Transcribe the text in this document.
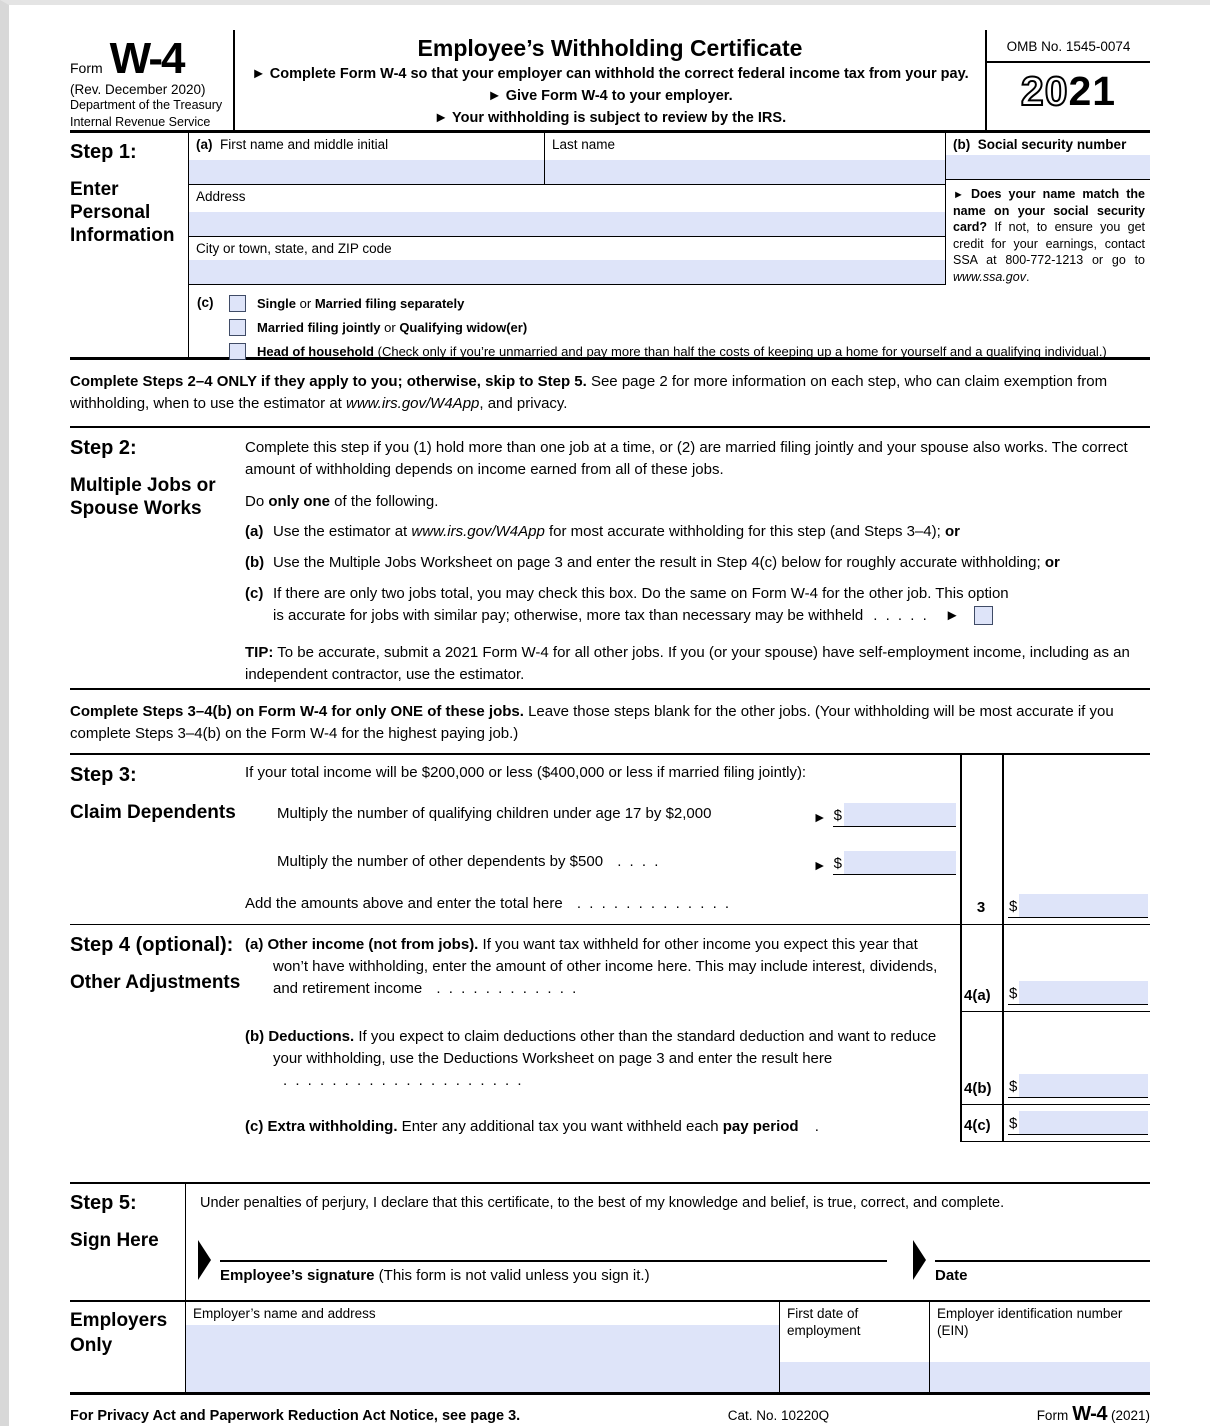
Form W-4
(Rev. December 2020)
Department of the Treasury
Internal Revenue Service
Employee’s Withholding Certificate
► Complete Form W-4 so that your employer can withhold the correct federal income tax from your pay.
► Give Form W-4 to your employer.
► Your withholding is subject to review by the IRS.
OMB No. 1545-0074
2021
Step 1:
Enter Personal Information
(a) First name and middle initial	Last name
Address
City or town, state, and ZIP code
(b) Social security number
► Does your name match the name on your social security card? If not, to ensure you get credit for your earnings, contact SSA at 800-772-1213 or go to www.ssa.gov.
(c)	Single or Married filing separately
Married filing jointly or Qualifying widow(er)
Head of household (Check only if you’re unmarried and pay more than half the costs of keeping up a home for yourself and a qualifying individual.)
Complete Steps 2–4 ONLY if they apply to you; otherwise, skip to Step 5. See page 2 for more information on each step, who can claim exemption from withholding, when to use the estimator at www.irs.gov/W4App, and privacy.
Step 2:
Multiple Jobs or Spouse Works

Complete this step if you (1) hold more than one job at a time, or (2) are married filing jointly and your spouse also works. The correct amount of withholding depends on income earned from all of these jobs.

Do only one of the following.

(a) Use the estimator at www.irs.gov/W4App for most accurate withholding for this step (and Steps 3–4); or
(b) Use the Multiple Jobs Worksheet on page 3 and enter the result in Step 4(c) below for roughly accurate withholding; or
(c) If there are only two jobs total, you may check this box. Do the same on Form W-4 for the other job. This option
is accurate for jobs with similar pay; otherwise, more tax than necessary may be withheld . . . . . ►

TIP: To be accurate, submit a 2021 Form W-4 for all other jobs. If you (or your spouse) have self-employment income, including as an independent contractor, use the estimator.

Complete Steps 3–4(b) on Form W-4 for only ONE of these jobs. Leave those steps blank for the other jobs. (Your withholding will be most accurate if you complete Steps 3–4(b) on the Form W-4 for the highest paying job.)
Step 3:
Claim Dependents
If your total income will be $200,000 or less ($400,000 or less if married filing jointly):
Multiply the number of qualifying children under age 17 by $2,000	► $
Multiply the number of other dependents by $500 . . . .	► $
Add the amounts above and enter the total here . . . . . . . . . . . . .	3 $
Step 4 (optional):
Other Adjustments
(a) Other income (not from jobs). If you want tax withheld for other income you expect this year that won’t have withholding, enter the amount of other income here. This may include interest, dividends, and retirement income . . . . . . . . . . . .	4(a) $
(b) Deductions. If you expect to claim deductions other than the standard deduction and want to reduce your withholding, use the Deductions Worksheet on page 3 and enter the result here . . . . . . . . . . . . . . . . . . . .	4(b) $
(c) Extra withholding. Enter any additional tax you want withheld each pay period .	4(c) $
Step 5:
Sign Here
Under penalties of perjury, I declare that this certificate, to the best of my knowledge and belief, is true, correct, and complete.
Employee’s signature (This form is not valid unless you sign it.)	Date
Employers Only
Employer’s name and address	First date of employment
Employer identification number (EIN)
For Privacy Act and Paperwork Reduction Act Notice, see page 3.	Cat. No. 10220Q	Form W-4 (2021)
